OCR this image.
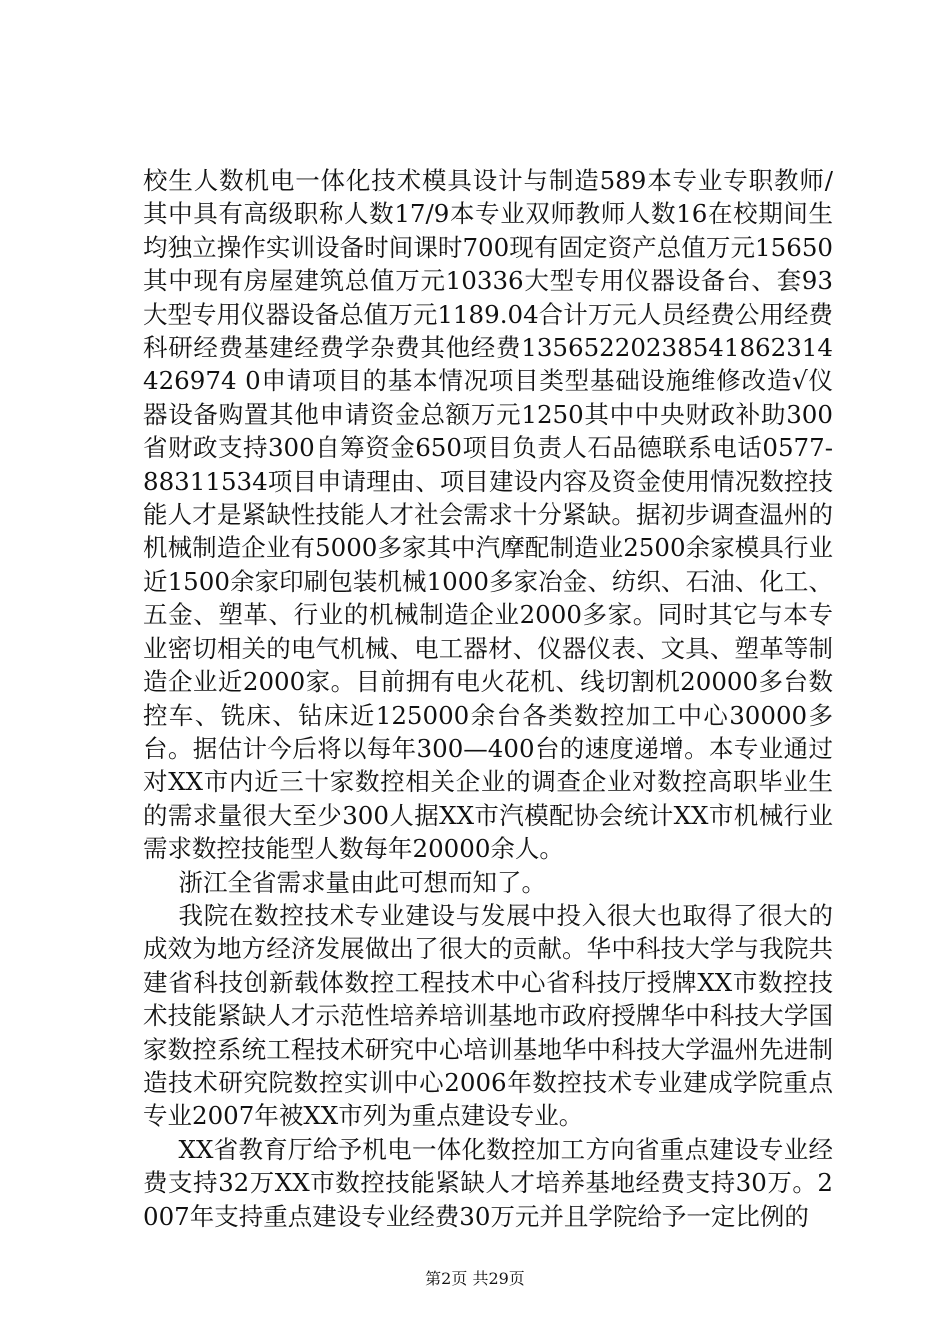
校生人数机电一体化技术模具设计与制造589本专业专职教师/其中具有高级职称人数17/9本专业双师教师人数16在校期间生均独立操作实训设备时间课时700现有固定资产总值万元15650其中现有房屋建筑总值万元10336大型专用仪器设备台、套93大型专用仪器设备总值万元1189.04合计万元人员经费公用经费科研经费基建经费学杂费其他经费13565220238541862314426974 0申请项目的基本情况项目类型基础设施维修改造√仪器设备购置其他申请资金总额万元1250其中中央财政补助300省财政支持300自筹资金650项目负责人石品德联系电话0577-88311534项目申请理由、项目建设内容及资金使用情况数控技能人才是紧缺性技能人才社会需求十分紧缺。据初步调查温州的机械制造企业有5000多家其中汽摩配制造业2500余家模具行业近1500余家印刷包装机械1000多家冶金、纺织、石油、化工、五金、塑革、行业的机械制造企业2000多家。同时其它与本专业密切相关的电气机械、电工器材、仪器仪表、文具、塑革等制造企业近2000家。目前拥有电火花机、线切割机20000多台数控车、铣床、钻床近125000余台各类数控加工中心30000多台。据估计今后将以每年300—400台的速度递增。本专业通过对XX市内近三十家数控相关企业的调查企业对数控高职毕业生的需求量很大至少300人据XX市汽模配协会统计XX市机械行业需求数控技能型人数每年20000余人。

浙江全省需求量由此可想而知了。

我院在数控技术专业建设与发展中投入很大也取得了很大的成效为地方经济发展做出了很大的贡献。华中科技大学与我院共建省科技创新载体数控工程技术中心省科技厅授牌XX市数控技术技能紧缺人才示范性培养培训基地市政府授牌华中科技大学国家数控系统工程技术研究中心培训基地华中科技大学温州先进制造技术研究院数控实训中心2006年数控技术专业建成学院重点专业2007年被XX市列为重点建设专业。

XX省教育厅给予机电一体化数控加工方向省重点建设专业经费支持32万XX市数控技能紧缺人才培养基地经费支持30万。2007年支持重点建设专业经费30万元并且学院给予一定比例的

第2页 共29页
